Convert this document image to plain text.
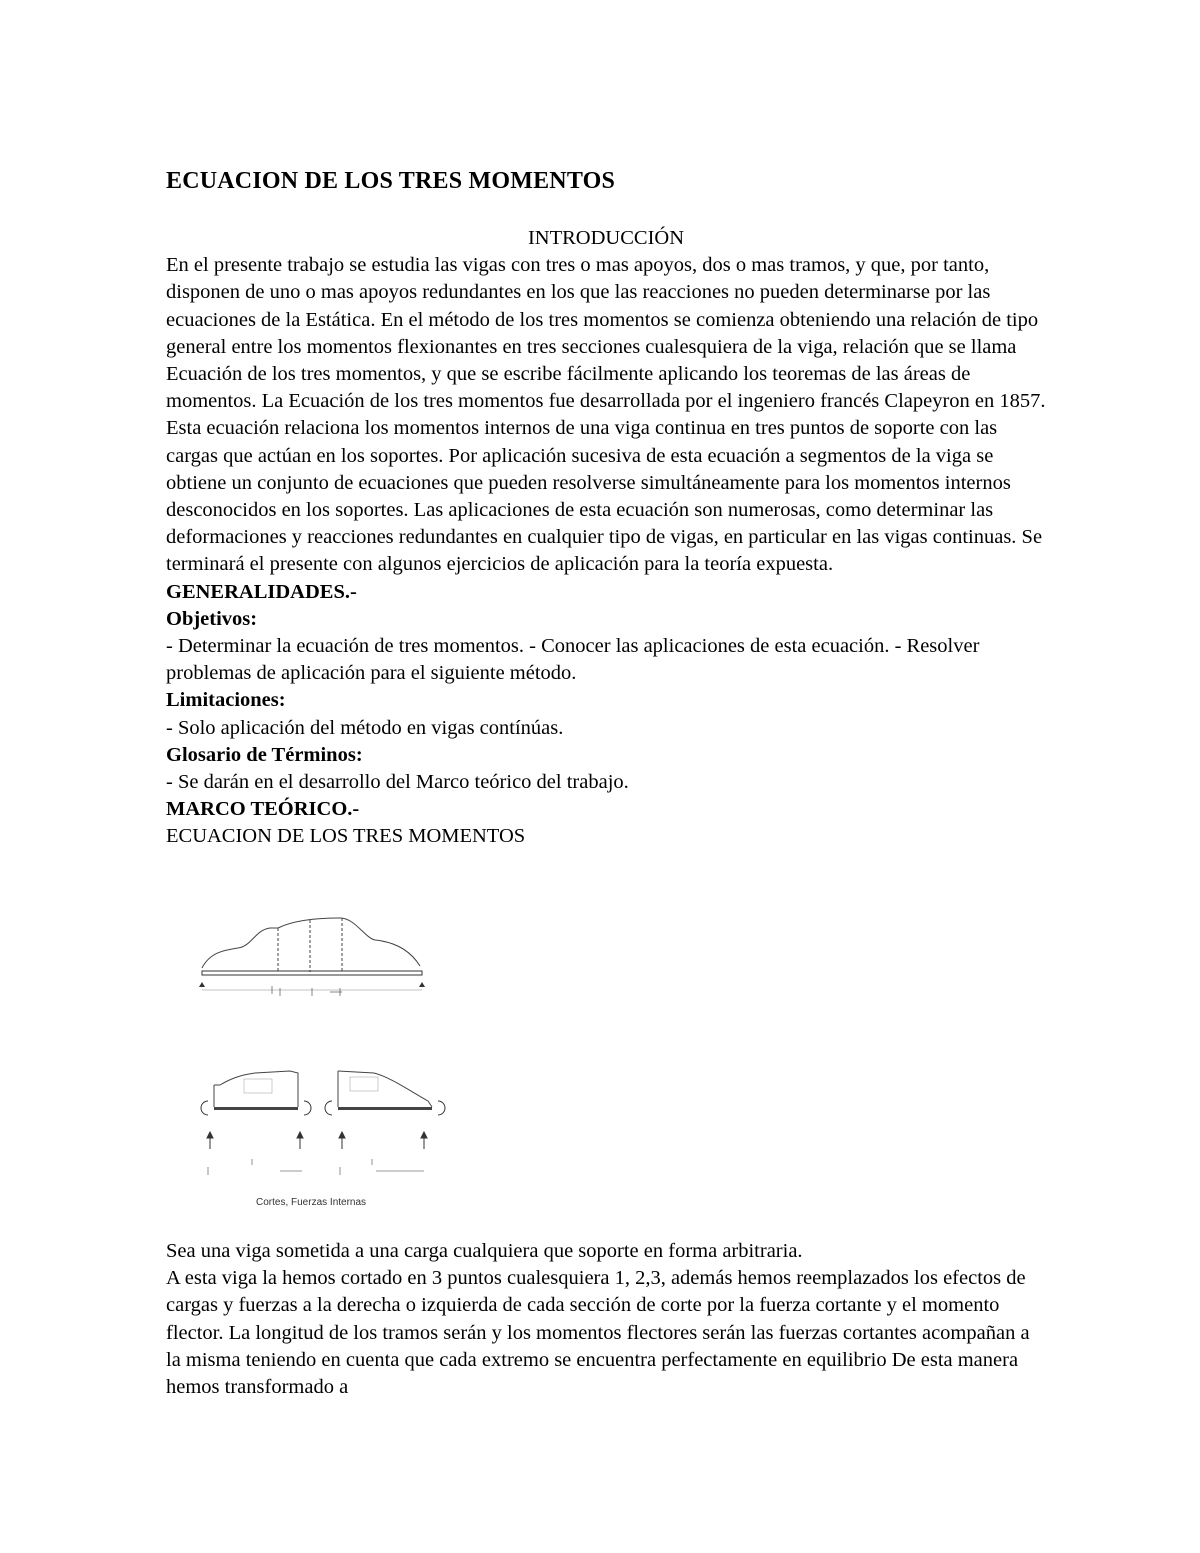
ECUACION DE LOS TRES MOMENTOS

INTRODUCCIÓN

En el presente trabajo se estudia las vigas con tres o mas apoyos, dos o mas tramos, y que, por tanto, disponen de uno o mas apoyos redundantes en los que las reacciones no pueden determinarse por las ecuaciones de la Estática. En el método de los tres momentos se comienza obteniendo una relación de tipo general entre los momentos flexionantes en tres secciones cualesquiera de la viga, relación que se llama Ecuación de los tres momentos, y que se escribe fácilmente aplicando los teoremas de las áreas de momentos. La Ecuación de los tres momentos fue desarrollada por el ingeniero francés Clapeyron en 1857. Esta ecuación relaciona los momentos internos de una viga continua en tres puntos de soporte con las cargas que actúan en los soportes. Por aplicación sucesiva de esta ecuación a segmentos de la viga se obtiene un conjunto de ecuaciones que pueden resolverse simultáneamente para los momentos internos desconocidos en los soportes. Las aplicaciones de esta ecuación son numerosas, como determinar las deformaciones y reacciones redundantes en cualquier tipo de vigas, en particular en las vigas continuas. Se terminará el presente con algunos ejercicios de aplicación para la teoría expuesta.

GENERALIDADES.-

Objetivos:

- Determinar la ecuación de tres momentos. - Conocer las aplicaciones de esta ecuación. - Resolver problemas de aplicación para el siguiente método.

Limitaciones:

- Solo aplicación del método en vigas contínúas.

Glosario de Términos:

- Se darán en el desarrollo del Marco teórico del trabajo.

MARCO TEÓRICO.-

ECUACION DE LOS TRES MOMENTOS

Cortes, Fuerzas Internas

Sea una viga sometida a una carga cualquiera que soporte en forma arbitraria.

A esta viga la hemos cortado en 3 puntos cualesquiera 1, 2,3, además hemos reemplazados los efectos de cargas y fuerzas a la derecha o izquierda de cada sección de corte por la fuerza cortante y el momento flector. La longitud de los tramos serán y los momentos flectores serán las fuerzas cortantes acompañan a la misma teniendo en cuenta que cada extremo se encuentra perfectamente en equilibrio De esta manera hemos transformado a
